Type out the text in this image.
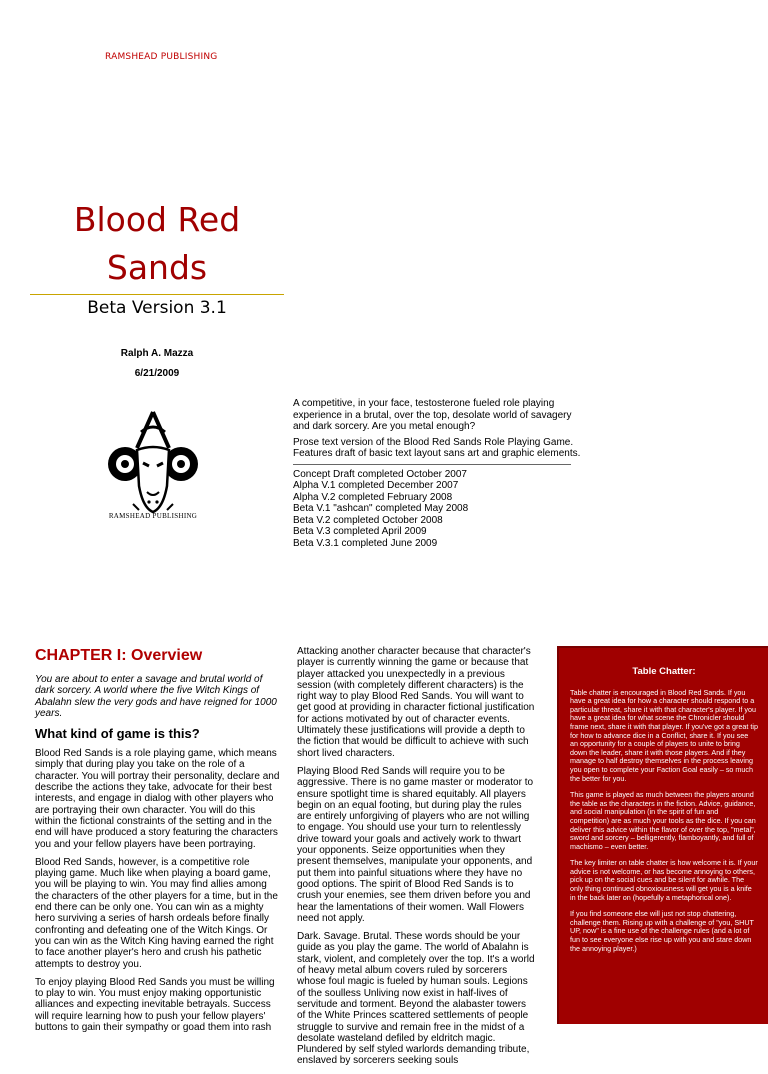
RAMSHEAD PUBLISHING
Blood Red
Sands
Beta Version 3.1
Ralph A. Mazza
6/21/2009
RAMSHEAD PUBLISHING

A competitive, in your face, testosterone fueled role playing experience in a brutal, over the top, desolate world of savagery and dark sorcery. Are you metal enough?

Prose text version of the Blood Red Sands Role Playing Game. Features draft of basic text layout sans art and graphic elements.

Concept Draft completed October 2007
Alpha V.1 completed December 2007
Alpha V.2 completed February 2008
Beta V.1 "ashcan" completed May 2008
Beta V.2 completed October 2008
Beta V.3 completed April 2009
Beta V.3.1 completed June 2009
CHAPTER I: Overview

You are about to enter a savage and brutal world of dark sorcery. A world where the five Witch Kings of Abalahn slew the very gods and have reigned for 1000 years.

What kind of game is this?

Blood Red Sands is a role playing game, which means simply that during play you take on the role of a character. You will portray their personality, declare and describe the actions they take, advocate for their best interests, and engage in dialog with other players who are portraying their own character. You will do this within the fictional constraints of the setting and in the end will have produced a story featuring the characters you and your fellow players have been portraying.

Blood Red Sands, however, is a competitive role playing game. Much like when playing a board game, you will be playing to win. You may find allies among the characters of the other players for a time, but in the end there can be only one. You can win as a mighty hero surviving a series of harsh ordeals before finally confronting and defeating one of the Witch Kings. Or you can win as the Witch King having earned the right to face another player's hero and crush his pathetic attempts to destroy you.

To enjoy playing Blood Red Sands you must be willing to play to win. You must enjoy making opportunistic alliances and expecting inevitable betrayals. Success will require learning how to push your fellow players' buttons to gain their sympathy or goad them into rash

Attacking another character because that character's player is currently winning the game or because that player attacked you unexpectedly in a previous session (with completely different characters) is the right way to play Blood Red Sands. You will want to get good at providing in character fictional justification for actions motivated by out of character events. Ultimately these justifications will provide a depth to the fiction that would be difficult to achieve with such short lived characters.

Playing Blood Red Sands will require you to be aggressive. There is no game master or moderator to ensure spotlight time is shared equitably. All players begin on an equal footing, but during play the rules are entirely unforgiving of players who are not willing to engage. You should use your turn to relentlessly drive toward your goals and actively work to thwart your opponents. Seize opportunities when they present themselves, manipulate your opponents, and put them into painful situations where they have no good options. The spirit of Blood Red Sands is to crush your enemies, see them driven before you and hear the lamentations of their women. Wall Flowers need not apply.

Dark. Savage. Brutal. These words should be your guide as you play the game. The world of Abalahn is stark, violent, and completely over the top. It's a world of heavy metal album covers ruled by sorcerers whose foul magic is fueled by human souls. Legions of the soulless Unliving now exist in half-lives of servitude and torment. Beyond the alabaster towers of the White Princes scattered settlements of people struggle to survive and remain free in the midst of a desolate wasteland defiled by eldritch magic. Plundered by self styled warlords demanding tribute, enslaved by sorcerers seeking souls

Table Chatter:

Table chatter is encouraged in Blood Red Sands. If you have a great idea for how a character should respond to a particular threat, share it with that character's player. If you have a great idea for what scene the Chronicler should frame next, share it with that player. If you've got a great tip for how to advance dice in a Conflict, share it. If you see an opportunity for a couple of players to unite to bring down the leader, share it with those players. And if they manage to half destroy themselves in the process leaving you open to complete your Faction Goal easily – so much the better for you.

This game is played as much between the players around the table as the characters in the fiction. Advice, guidance, and social manipulation (in the spirit of fun and competition) are as much your tools as the dice. If you can deliver this advice within the flavor of over the top, "metal", sword and sorcery – belligerently, flamboyantly, and full of machismo – even better.

The key limiter on table chatter is how welcome it is. If your advice is not welcome, or has become annoying to others, pick up on the social cues and be silent for awhile. The only thing continued obnoxiousness will get you is a knife in the back later on (hopefully a metaphorical one).

If you find someone else will just not stop chattering, challenge them. Rising up with a challenge of "you, SHUT UP, now" is a fine use of the challenge rules (and a lot of fun to see everyone else rise up with you and stare down the annoying player.)
